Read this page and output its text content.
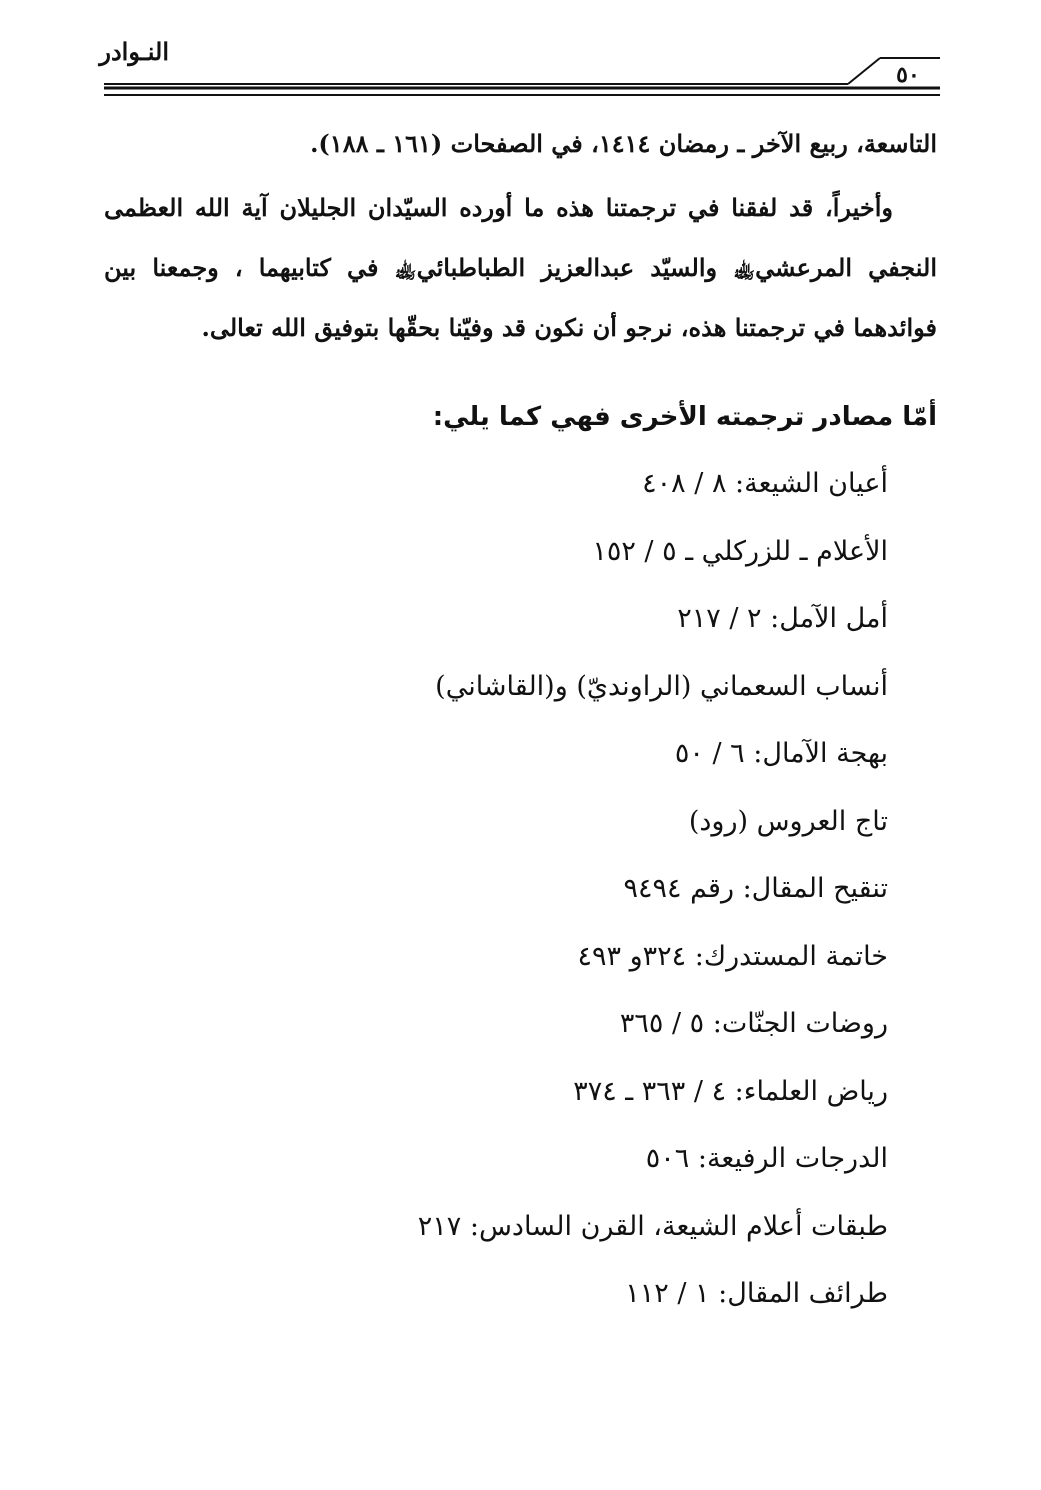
النـوادر
٥٠
التاسعة، ربيع الآخر ـ رمضان ١٤١٤، في الصفحات (١٦١ ـ ١٨٨).
وأخيراً، قد لفقنا في ترجمتنا هذه ما أورده السيّدان الجليلان آية الله العظمى
النجفي المرعشي﵀ والسيّد عبدالعزيز الطباطبائي﵀ في كتابيهما ، وجمعنا بين
فوائدهما في ترجمتنا هذه، نرجو أن نكون قد وفيّنا بحقّها بتوفيق الله تعالى.
أمّا مصادر ترجمته الأخرى فهي كما يلي:
أعيان الشيعة: ٨ / ٤٠٨
الأعلام ـ للزركلي ـ ٥ / ١٥٢
أمل الآمل: ٢ / ٢١٧
أنساب السعماني (الراونديّ) و(القاشاني)
بهجة الآمال: ٦ / ٥٠
تاج العروس (رود)
تنقيح المقال: رقم ٩٤٩٤
خاتمة المستدرك: ٣٢٤و ٤٩٣
روضات الجنّات: ٥ / ٣٦٥
رياض العلماء: ٤ / ٣٦٣ ـ ٣٧٤
الدرجات الرفيعة: ٥٠٦
طبقات أعلام الشيعة، القرن السادس: ٢١٧
طرائف المقال: ١ / ١١٢
